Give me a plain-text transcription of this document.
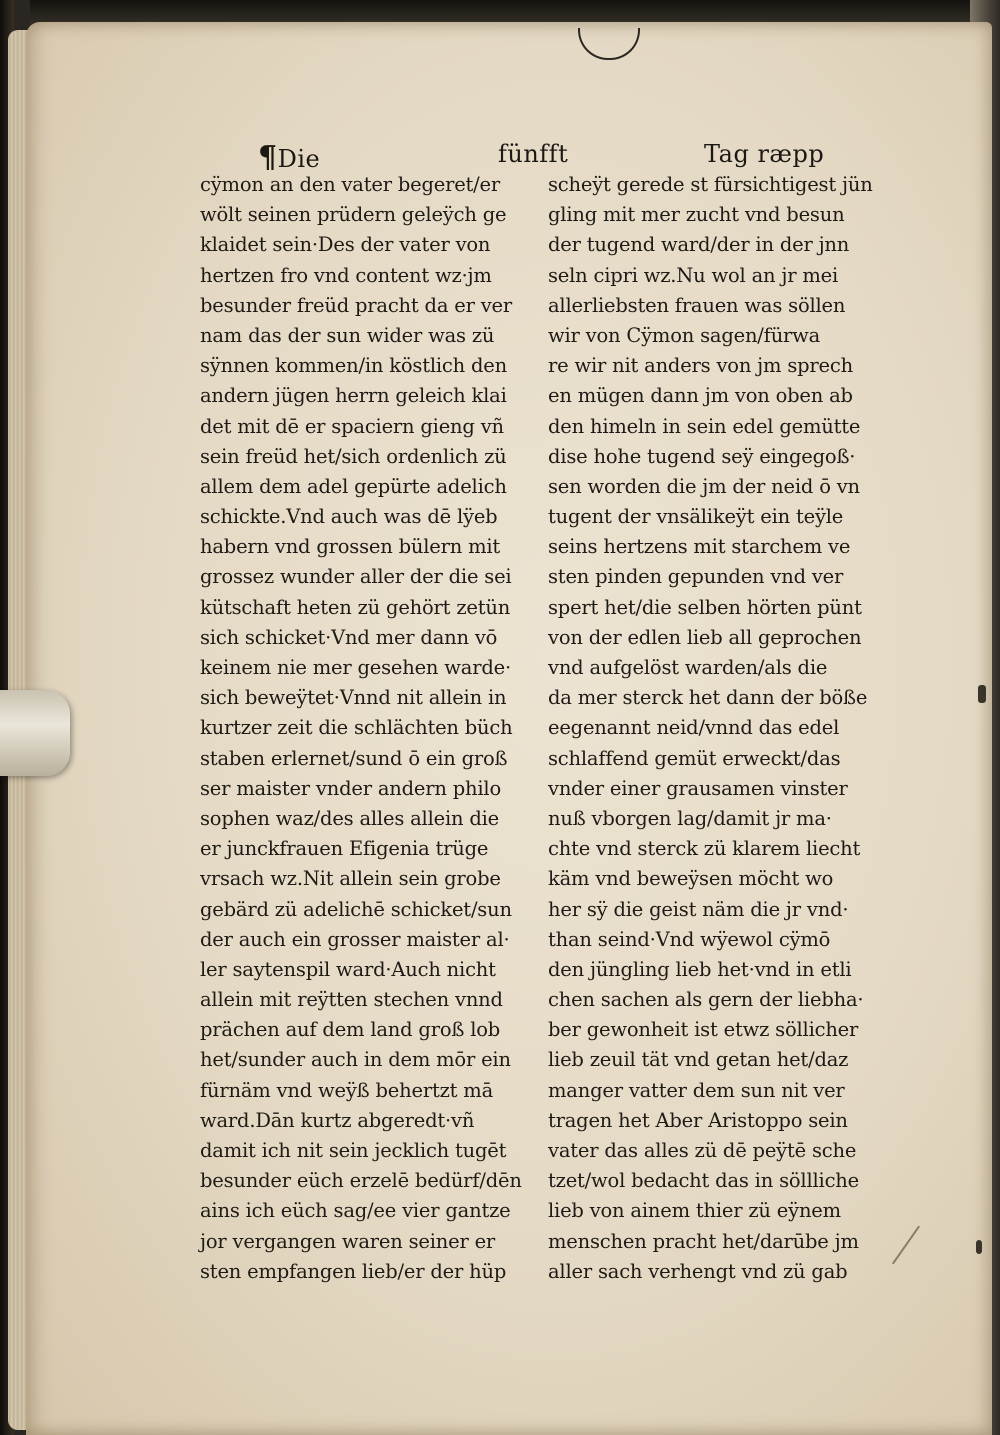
¶Die	fünfft	Tag ræpp
cÿmon an den vater begeret/er
wölt seinen prüdern geleÿch ge
klaidet sein·Des der vater von
hertzen fro vnd content wz·jm
besunder freüd pracht da er ver
nam das der sun wider was zü
sÿnnen kommen/in köstlich den
andern jügen herrn geleich klai
det mit dē er spaciern gieng vñ
sein freüd het/sich ordenlich zü
allem dem adel gepürte adelich
schickte.Vnd auch was dē lÿeb
habern vnd grossen bülern mit
grossez wunder aller der die sei
kütschaft heten zü gehört zetün
sich schicket·Vnd mer dann vō
keinem nie mer gesehen warde·
sich beweÿtet·Vnnd nit allein in
kurtzer zeit die schlächten büch
staben erlernet/sund ō ein groß
ser maister vnder andern philo
sophen waz/des alles allein die
er junckfrauen Efigenia trüge
vrsach wz.Nit allein sein grobe
gebärd zü adelichē schicket/sun
der auch ein grosser maister al·
ler saytenspil ward·Auch nicht
allein mit reÿtten stechen vnnd
prächen auf dem land groß lob
het/sunder auch in dem mōr ein
fürnäm vnd weÿß behertzt mā
ward.Dān kurtz abgeredt·vñ
damit ich nit sein jecklich tugēt
besunder eüch erzelē bedürf/dēn
ains ich eüch sag/ee vier gantze
jor vergangen waren seiner er
sten empfangen lieb/er der hüp
scheÿt gerede st fürsichtigest jün
gling mit mer zucht vnd besun
der tugend ward/der in der jnn
seln cipri wz.Nu wol an jr mei
allerliebsten frauen was söllen
wir von Cÿmon sagen/fürwa
re wir nit anders von jm sprech
en mügen dann jm von oben ab
den himeln in sein edel gemütte
dise hohe tugend seÿ eingegoß·
sen worden die jm der neid ō vn
tugent der vnsälikeÿt ein teÿle
seins hertzens mit starchem ve
sten pinden gepunden vnd ver
spert het/die selben hörten pünt
von der edlen lieb all geprochen
vnd aufgelöst warden/als die
da mer sterck het dann der böße
eegenannt neid/vnnd das edel
schlaffend gemüt erweckt/das
vnder einer grausamen vinster
nuß vborgen lag/damit jr ma·
chte vnd sterck zü klarem liecht
käm vnd beweÿsen möcht wo
her sÿ die geist näm die jr vnd·
than seind·Vnd wÿewol cÿmō
den jüngling lieb het·vnd in etli
chen sachen als gern der liebha·
ber gewonheit ist etwz söllicher
lieb zeuil tät vnd getan het/daz
manger vatter dem sun nit ver
tragen het Aber Aristoppo sein
vater das alles zü dē peÿtē sche
tzet/wol bedacht das in söllliche
lieb von ainem thier zü eÿnem
menschen pracht het/darūbe jm
aller sach verhengt vnd zü gab
